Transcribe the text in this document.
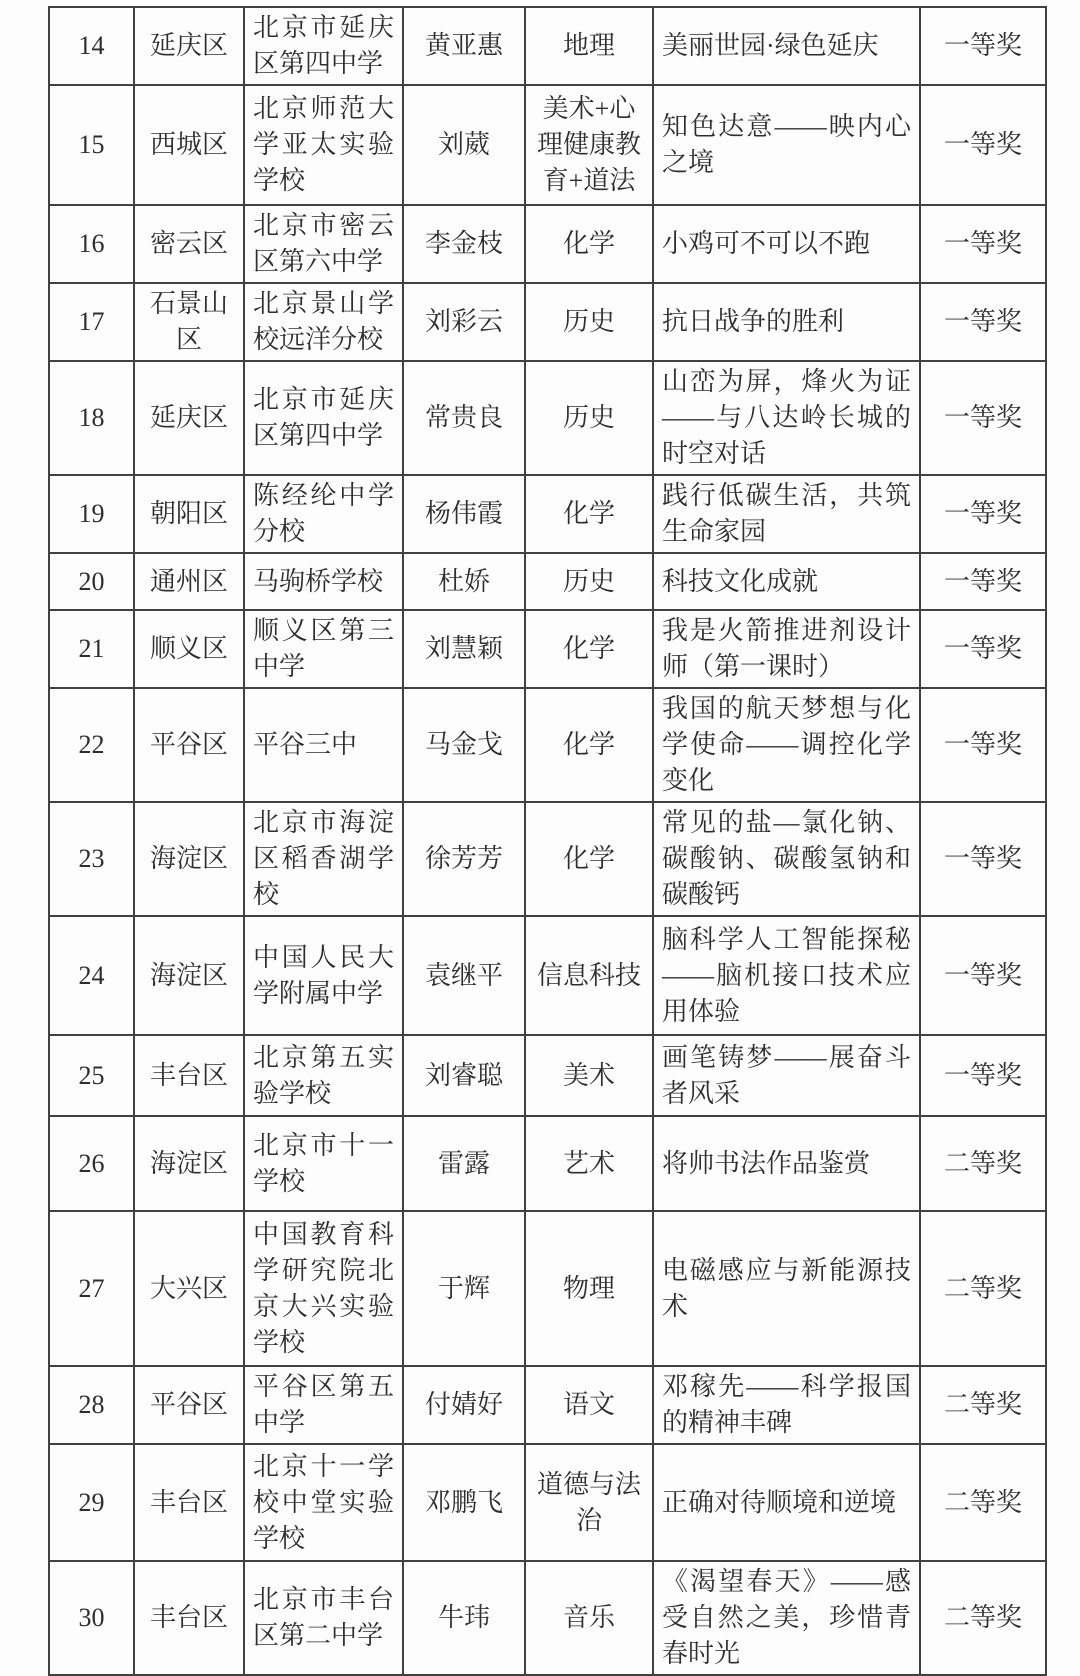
14	延庆区	北京市延庆区第四中学	黄亚惠	地理	美丽世园·绿色延庆	一等奖
15	西城区	北京师范大学亚太实验学校	刘葳	美术+心理健康教育+道法	知色达意——映内心之境	一等奖
16	密云区	北京市密云区第六中学	李金枝	化学	小鸡可不可以不跑	一等奖
17	石景山区	北京景山学校远洋分校	刘彩云	历史	抗日战争的胜利	一等奖
18	延庆区	北京市延庆区第四中学	常贵良	历史	山峦为屏，烽火为证——与八达岭长城的时空对话	一等奖
19	朝阳区	陈经纶中学分校	杨伟霞	化学	践行低碳生活，共筑生命家园	一等奖
20	通州区	马驹桥学校	杜娇	历史	科技文化成就	一等奖
21	顺义区	顺义区第三中学	刘慧颖	化学	我是火箭推进剂设计师（第一课时）	一等奖
22	平谷区	平谷三中	马金戈	化学	我国的航天梦想与化学使命——调控化学变化	一等奖
23	海淀区	北京市海淀区稻香湖学校	徐芳芳	化学	常见的盐—氯化钠、碳酸钠、碳酸氢钠和碳酸钙	一等奖
24	海淀区	中国人民大学附属中学	袁继平	信息科技	脑科学人工智能探秘——脑机接口技术应用体验	一等奖
25	丰台区	北京第五实验学校	刘睿聪	美术	画笔铸梦——展奋斗者风采	一等奖
26	海淀区	北京市十一学校	雷露	艺术	将帅书法作品鉴赏	二等奖
27	大兴区	中国教育科学研究院北京大兴实验学校	于辉	物理	电磁感应与新能源技术	二等奖
28	平谷区	平谷区第五中学	付婧好	语文	邓稼先——科学报国的精神丰碑	二等奖
29	丰台区	北京十一学校中堂实验学校	邓鹏飞	道德与法治	正确对待顺境和逆境	二等奖
30	丰台区	北京市丰台区第二中学	牛玮	音乐	《渴望春天》——感受自然之美，珍惜青春时光	二等奖
